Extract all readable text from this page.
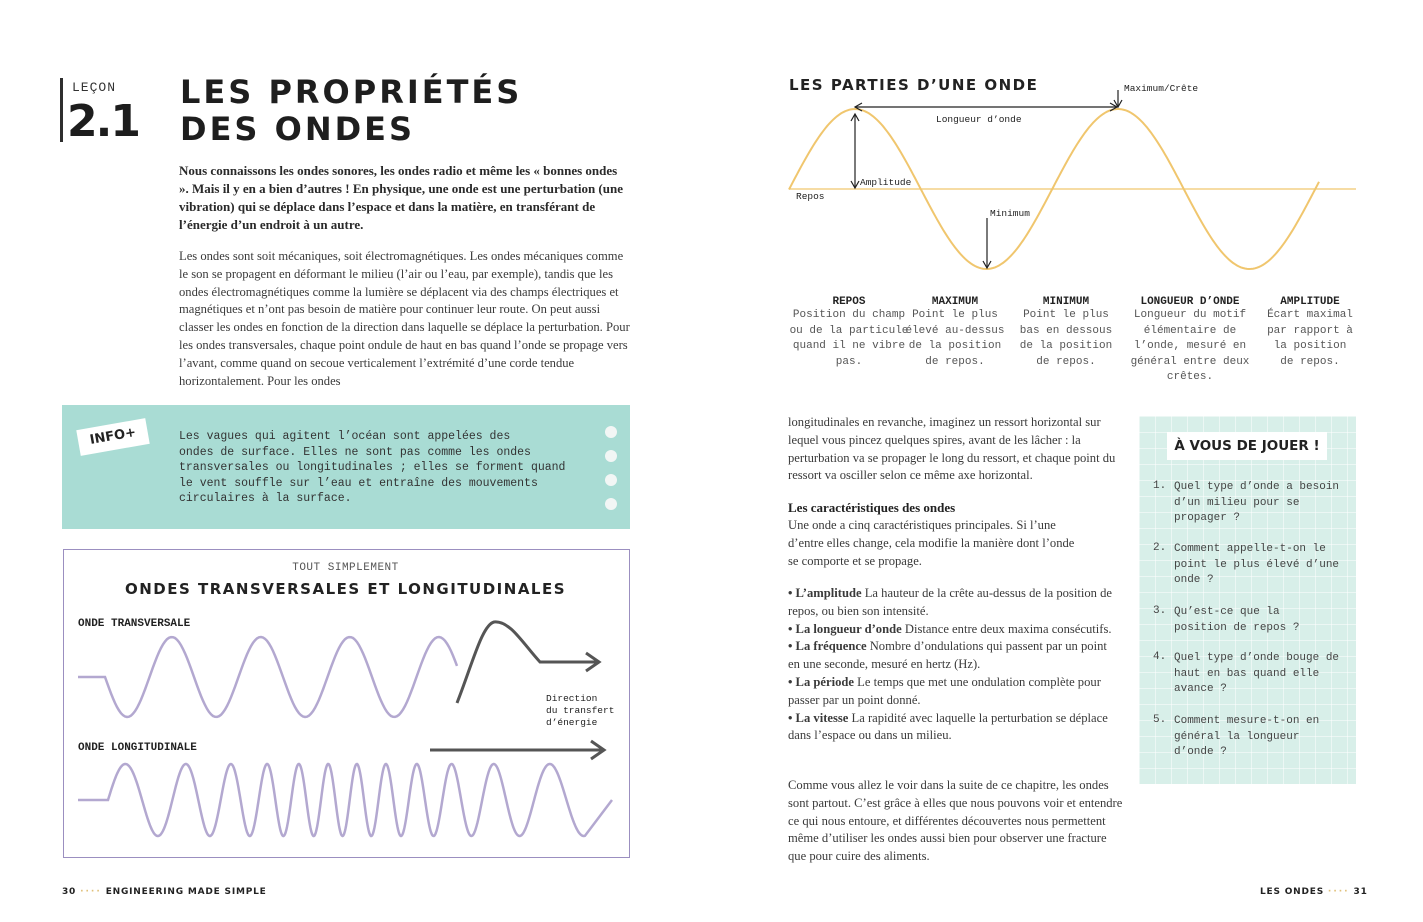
LEÇON
2.1
LES PROPRIÉTÉS
DES ONDES
Nous connaissons les ondes sonores, les ondes radio et même les « bonnes ondes ». Mais il y en a bien d’autres ! En physique, une onde est une perturbation (une vibration) qui se déplace dans l’espace et dans la matière, en transférant de l’énergie d’un endroit à un autre.
Les ondes sont soit mécaniques, soit électromagnétiques. Les ondes mécaniques comme le son se propagent en déformant le milieu (l’air ou l’eau, par exemple), tandis que les ondes électromagnétiques comme la lumière se déplacent via des champs électriques et magnétiques et n’ont pas besoin de matière pour continuer leur route. On peut aussi classer les ondes en fonction de la direction dans laquelle se déplace la perturbation. Pour les ondes transversales, chaque point ondule de haut en bas quand l’onde se propage vers l’avant, comme quand on secoue verticalement l’extrémité d’une corde tendue horizontalement. Pour les ondes
INFO+	Les vagues qui agitent l’océan sont appelées des
ondes de surface. Elles ne sont pas comme les ondes
transversales ou longitudinales ; elles se forment quand
le vent souffle sur l’eau et entraîne des mouvements
circulaires à la surface.
TOUT SIMPLEMENT
ONDES TRANSVERSALES ET LONGITUDINALES
ONDE TRANSVERSALE
ONDE LONGITUDINALE
Direction
du transfert
d’énergie
30 ···· ENGINEERING MADE SIMPLE
LES PARTIES D’UNE ONDE	Maximum/Crête
Longueur d’onde
Amplitude
Repos
Minimum
REPOS
Position du champ ou de la particule quand il ne vibre pas.
MAXIMUM
Point le plus élevé au-dessus de la position de repos.
MINIMUM
Point le plus bas en dessous de la position de repos.
LONGUEUR D’ONDE
Longueur du motif élémentaire de l’onde, mesuré en général entre deux crêtes.
AMPLITUDE
Écart maximal par rapport à la position de repos.
longitudinales en revanche, imaginez un ressort horizontal sur lequel vous pincez quelques spires, avant de les lâcher : la perturbation va se propager le long du ressort, et chaque point du ressort va osciller selon ce même axe horizontal.
Les caractéristiques des ondes
Une onde a cinq caractéristiques principales. Si l’une d’entre elles change, cela modifie la manière dont l’onde se comporte et se propage.
• L’amplitude La hauteur de la crête au-dessus de la position de repos, ou bien son intensité.
• La longueur d’onde Distance entre deux maxima consécutifs.
• La fréquence Nombre d’ondulations qui passent par un point en une seconde, mesuré en hertz (Hz).
• La période Le temps que met une ondulation complète pour passer par un point donné.
• La vitesse La rapidité avec laquelle la perturbation se déplace dans l’espace ou dans un milieu.
Comme vous allez le voir dans la suite de ce chapitre, les ondes sont partout. C’est grâce à elles que nous pouvons voir et entendre ce qui nous entoure, et différentes découvertes nous permettent même d’utiliser les ondes aussi bien pour observer une fracture que pour cuire des aliments.
À VOUS DE JOUER !
1. Quel type d’onde a besoin d’un milieu pour se propager ?
2. Comment appelle-t-on le point le plus élevé d’une onde ?
3. Qu’est-ce que la position de repos ?
4. Quel type d’onde bouge de haut en bas quand elle avance ?
5. Comment mesure-t-on en général la longueur d’onde ?
LES ONDES ···· 31
